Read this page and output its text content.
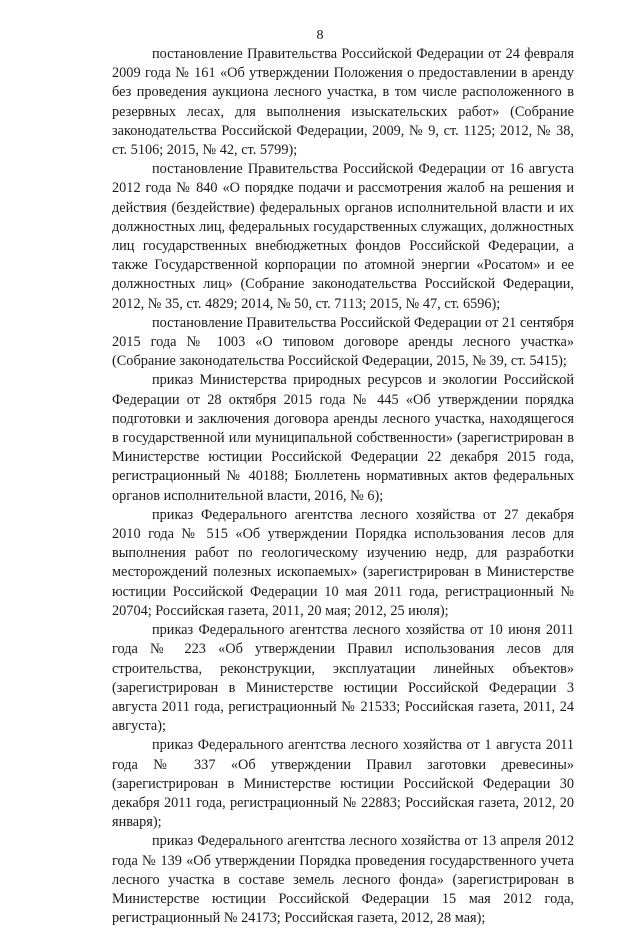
8

постановление Правительства Российской Федерации от 24 февраля 2009 года № 161 «Об утверждении Положения о предоставлении в аренду без проведения аукциона лесного участка, в том числе расположенного в резервных лесах, для выполнения изыскательских работ» (Собрание законодательства Российской Федерации, 2009, № 9, ст. 1125; 2012, № 38, ст. 5106; 2015, № 42, ст. 5799);

постановление Правительства Российской Федерации от 16 августа 2012 года № 840 «О порядке подачи и рассмотрения жалоб на решения и действия (бездействие) федеральных органов исполнительной власти и их должностных лиц, федеральных государственных служащих, должностных лиц государственных внебюджетных фондов Российской Федерации, а также Государственной корпорации по атомной энергии «Росатом» и ее должностных лиц» (Собрание законодательства Российской Федерации, 2012, № 35, ст. 4829; 2014, № 50, ст. 7113; 2015, № 47, ст. 6596);

постановление Правительства Российской Федерации от 21 сентября 2015 года № 1003 «О типовом договоре аренды лесного участка» (Собрание законодательства Российской Федерации, 2015, № 39, ст. 5415);

приказ Министерства природных ресурсов и экологии Российской Федерации от 28 октября 2015 года № 445 «Об утверждении порядка подготовки и заключения договора аренды лесного участка, находящегося в государственной или муниципальной собственности» (зарегистрирован в Министерстве юстиции Российской Федерации 22 декабря 2015 года, регистрационный № 40188; Бюллетень нормативных актов федеральных органов исполнительной власти, 2016, № 6);

приказ Федерального агентства лесного хозяйства от 27 декабря 2010 года № 515 «Об утверждении Порядка использования лесов для выполнения работ по геологическому изучению недр, для разработки месторождений полезных ископаемых» (зарегистрирован в Министерстве юстиции Российской Федерации 10 мая 2011 года, регистрационный № 20704; Российская газета, 2011, 20 мая; 2012, 25 июля);

приказ Федерального агентства лесного хозяйства от 10 июня 2011 года № 223 «Об утверждении Правил использования лесов для строительства, реконструкции, эксплуатации линейных объектов» (зарегистрирован в Министерстве юстиции Российской Федерации 3 августа 2011 года, регистрационный № 21533; Российская газета, 2011, 24 августа);

приказ Федерального агентства лесного хозяйства от 1 августа 2011 года № 337 «Об утверждении Правил заготовки древесины» (зарегистрирован в Министерстве юстиции Российской Федерации 30 декабря 2011 года, регистрационный № 22883; Российская газета, 2012, 20 января);

приказ Федерального агентства лесного хозяйства от 13 апреля 2012 года № 139 «Об утверждении Порядка проведения государственного учета лесного участка в составе земель лесного фонда» (зарегистрирован в Министерстве юстиции Российской Федерации 15 мая 2012 года, регистрационный № 24173; Российская газета, 2012, 28 мая);
